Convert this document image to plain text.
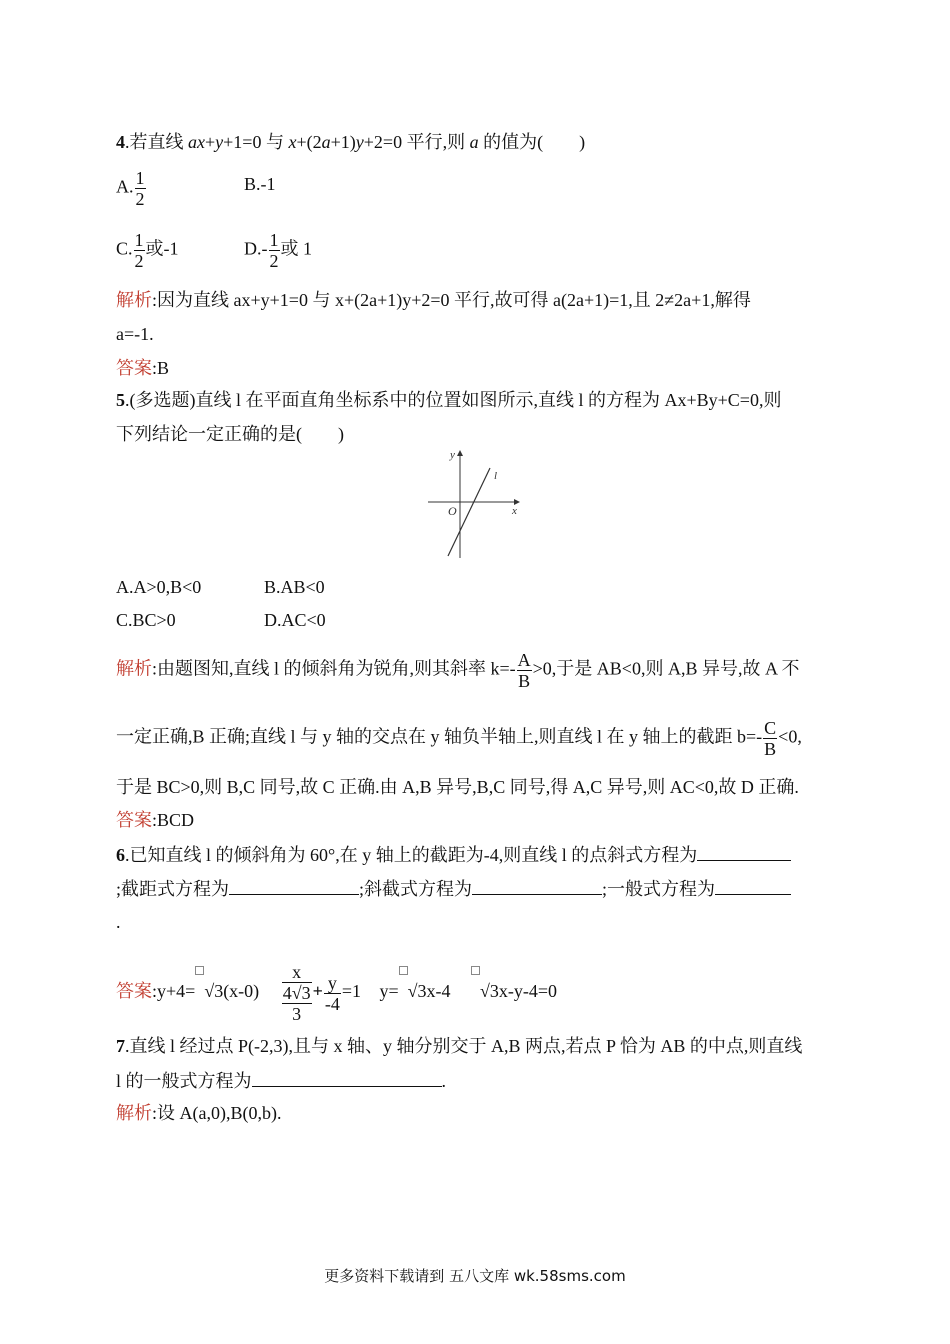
4.若直线 ax+y+1=0 与 x+(2a+1)y+2=0 平行,则 a 的值为( )
A. $\frac{1}{2}$	B.-1
C. $\frac{1}{2}$ 或-1	$D.- \frac{1}{2}$ 或 1
解析:因为直线 ax+y+1=0 与 x+(2a+1)y+2=0 平行,故可得 a(2a+1)=1,且 2≠2a+1,解得
a=-1.
答案:B
5.(多选题)直线 l 在平面直角坐标系中的位置如图所示,直线 l 的方程为 Ax+By+C=0,则
下列结论一定正确的是(        )
y
x
O
l
A.A>0,B<0	B.AB<0
C.BC>0	D.AC<0
解析:由题图知,直线 l 的倾斜角为锐角,则其斜率 $k=- \frac{A}{B} >0$,于是 AB<0,则 A,B 异号,故 A 不
一定正确,B 正确;直线 l 与 y 轴的交点在 y 轴负半轴上,则直线 l 在 y 轴上的截距 $b=- \frac{C}{B} <0$,
于是 BC>0,则 B,C 同号,故 C 正确.由 A,B 异号,B,C 同号,得 A,C 异号,则 AC<0,故 D 正确.
答案:BCD
6.已知直线 l 的倾斜角为 60°,在 y 轴上的截距为-4,则直线 l 的点斜式方程为
;截距式方程为	;斜截式方程为	;一般式方程为
.
答案:y+4= √3(x-0)
x
4√3
3
+ $\frac{y}{-4} =1$ y= √3x-4 √3x-y-4=0
7.直线 l 经过点 P(-2,3),且与 x 轴、y 轴分别交于 A,B 两点,若点 P 恰为 AB 的中点,则直线
l 的一般式方程为	.
解析:设 A(a,0),B(0,b).
更多资料下载请到 五八文库 wk.58sms.com
